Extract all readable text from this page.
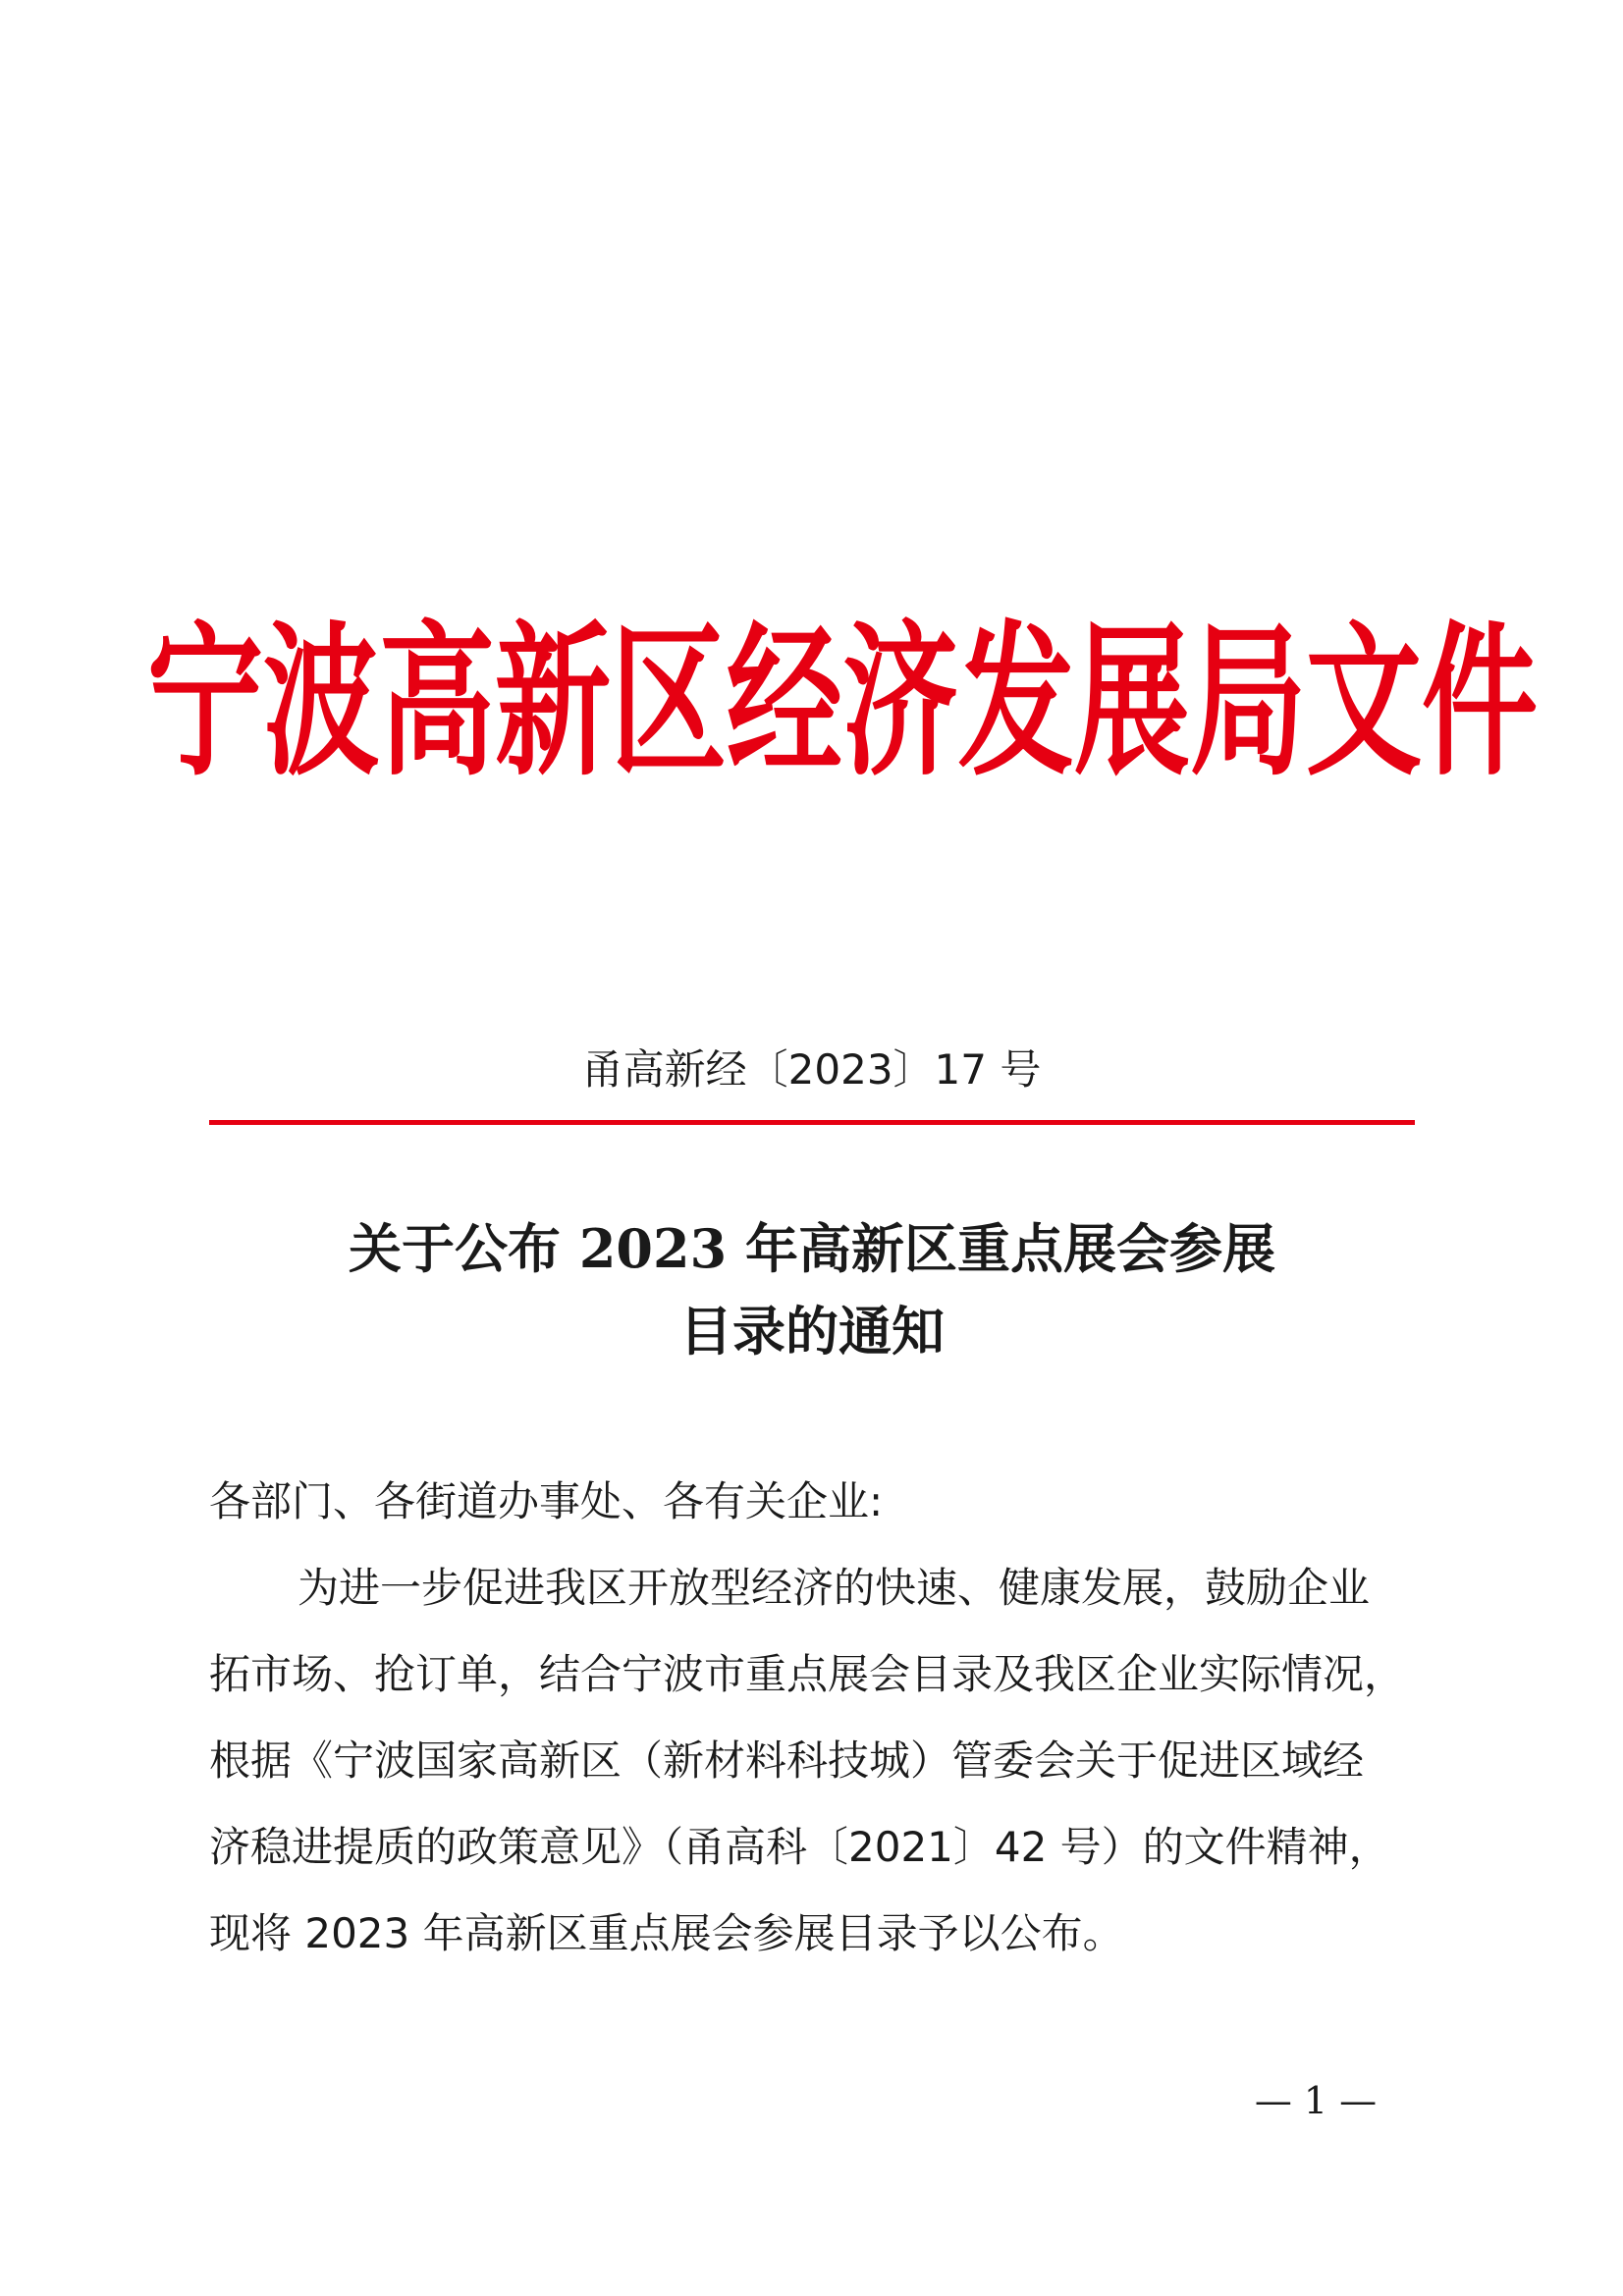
宁波高新区经济发展局文件
甬高新经〔2023〕17 号
关于公布 2023 年高新区重点展会参展
目录的通知
各部门、各街道办事处、各有关企业:
为进一步促进我区开放型经济的快速、健康发展，鼓励企业
拓市场、抢订单，结合宁波市重点展会目录及我区企业实际情况，
根据《宁波国家高新区（新材料科技城）管委会关于促进区域经
济稳进提质的政策意见》（甬高科〔2021〕42 号）的文件精神，
现将 2023 年高新区重点展会参展目录予以公布。
— 1 —
